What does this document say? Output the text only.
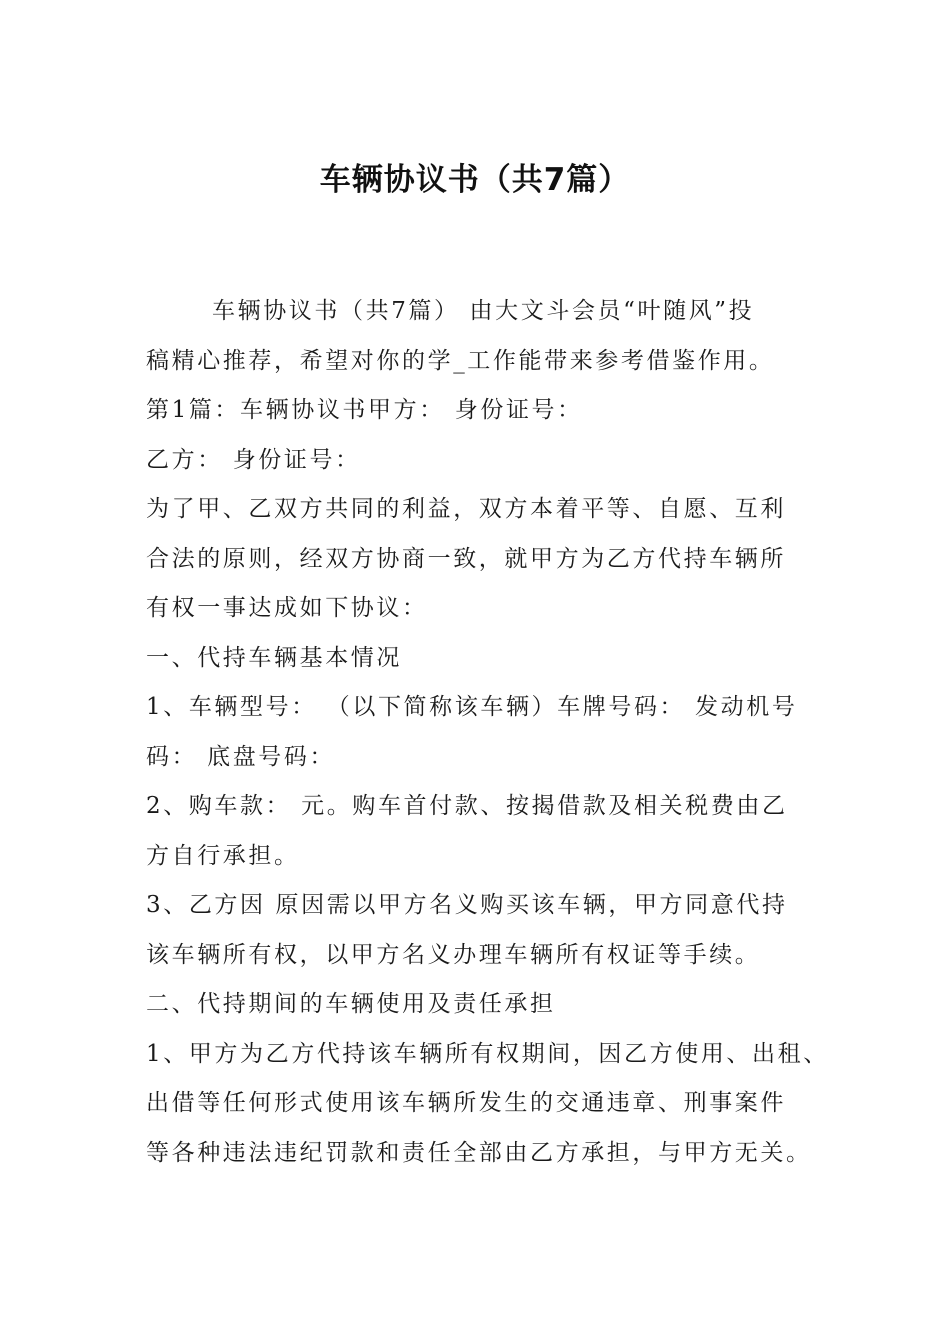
车辆协议书（共7篇）

车辆协议书（共7篇） 由大文斗会员“叶随风”投
稿精心推荐，希望对你的学_工作能带来参考借鉴作用。

第1篇：车辆协议书甲方： 身份证号：

乙方： 身份证号：

为了甲、乙双方共同的利益，双方本着平等、自愿、互利
合法的原则，经双方协商一致，就甲方为乙方代持车辆所
有权一事达成如下协议：

一、代持车辆基本情况

1、车辆型号： （以下简称该车辆）车牌号码： 发动机号
码： 底盘号码：

2、购车款： 元。购车首付款、按揭借款及相关税费由乙
方自行承担。

3、乙方因 原因需以甲方名义购买该车辆，甲方同意代持
该车辆所有权，以甲方名义办理车辆所有权证等手续。

二、代持期间的车辆使用及责任承担

1、甲方为乙方代持该车辆所有权期间，因乙方使用、出租、
出借等任何形式使用该车辆所发生的交通违章、刑事案件
等各种违法违纪罚款和责任全部由乙方承担，与甲方无关。
